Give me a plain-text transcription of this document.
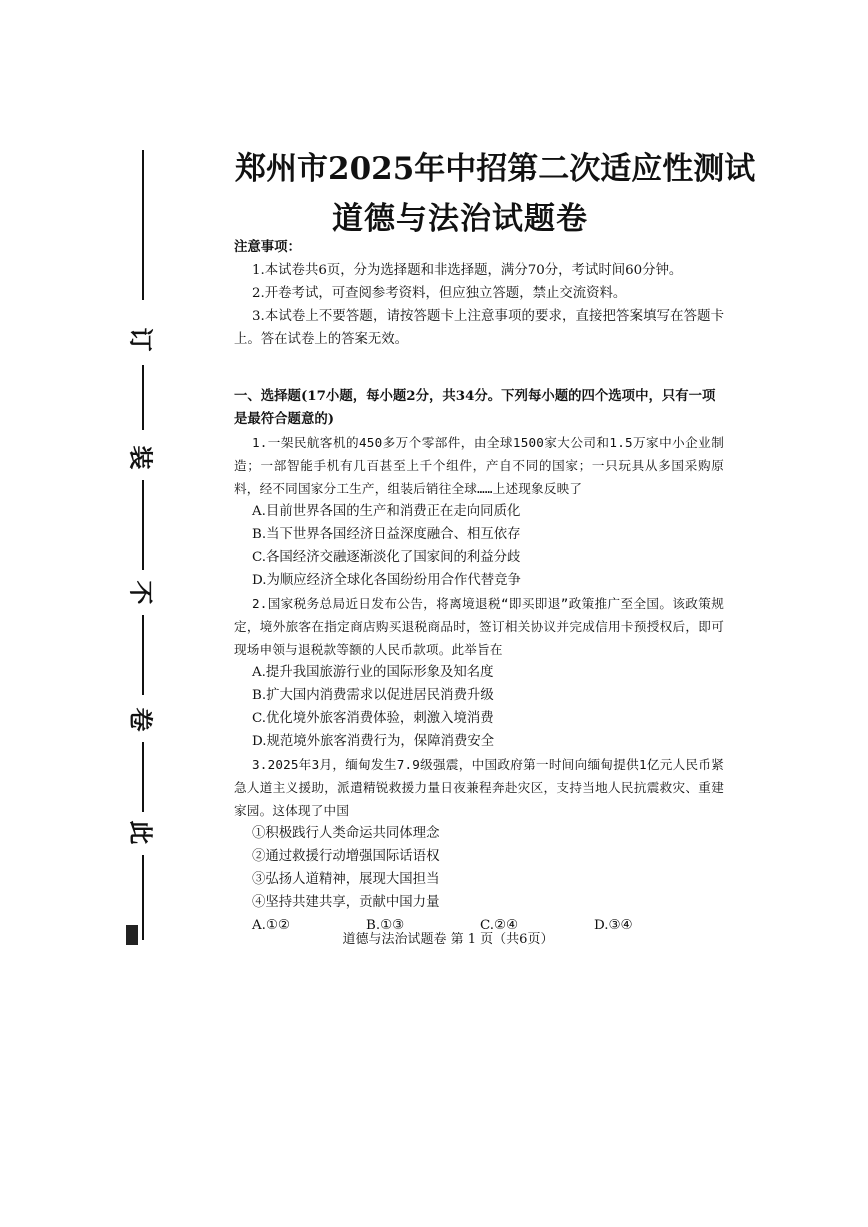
订
装
不
卷
此
郑州市2025年中招第二次适应性测试
道德与法治试题卷

注意事项：

1.本试卷共6页，分为选择题和非选择题，满分70分，考试时间60分钟。

2.开卷考试，可查阅参考资料，但应独立答题，禁止交流资料。

3.本试卷上不要答题，请按答题卡上注意事项的要求，直接把答案填写在答题卡上。答在试卷上的答案无效。

一、选择题(17小题，每小题2分，共34分。下列每小题的四个选项中，只有一项是最符合题意的)

1.一架民航客机的450多万个零部件，由全球1500家大公司和1.5万家中小企业制造；一部智能手机有几百甚至上千个组件，产自不同的国家；一只玩具从多国采购原料，经不同国家分工生产，组装后销往全球……上述现象反映了

A.目前世界各国的生产和消费正在走向同质化

B.当下世界各国经济日益深度融合、相互依存

C.各国经济交融逐渐淡化了国家间的利益分歧

D.为顺应经济全球化各国纷纷用合作代替竞争

2.国家税务总局近日发布公告，将离境退税“即买即退”政策推广至全国。该政策规定，境外旅客在指定商店购买退税商品时，签订相关协议并完成信用卡预授权后，即可现场申领与退税款等额的人民币款项。此举旨在

A.提升我国旅游行业的国际形象及知名度

B.扩大国内消费需求以促进居民消费升级

C.优化境外旅客消费体验，刺激入境消费

D.规范境外旅客消费行为，保障消费安全

3.2025年3月，缅甸发生7.9级强震，中国政府第一时间向缅甸提供1亿元人民币紧急人道主义援助，派遣精锐救援力量日夜兼程奔赴灾区，支持当地人民抗震救灾、重建家园。这体现了中国

①积极践行人类命运共同体理念

②通过救援行动增强国际话语权

③弘扬人道精神，展现大国担当

④坚持共建共享，贡献中国力量

A.①②	B.①③	C.②④	D.③④
道德与法治试题卷 第 1 页（共6页）
